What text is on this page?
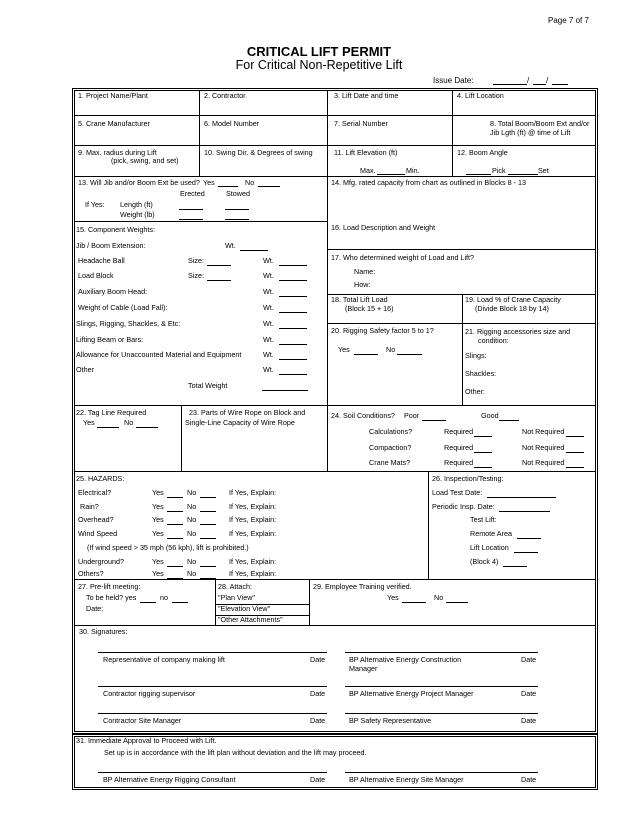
Page 7 of 7
CRITICAL LIFT PERMIT
For Critical Non-Repetitive Lift
Issue Date:	/ /
1. Project Name/Plant	2. Contractor	3. Lift Date and time	4. Lift Location
5. Crane Manufacturer	6. Model Number	7. Serial Number	8. Total Boom/Boom Ext and/or
Jib Lgth (ft) @ time of Lift
9. Max. radius during Lift
(pick, swing, and set)
10. Swing Dir. & Degrees of swing	11. Lift Elevation (ft)
Max.	Min.
12. Boom Angle
Pick	Set
13. Will Jib and/or Boom Ext be used? Yes	No
Erected	Stowed
If Yes: Length (ft)
Weight (lb)
14. Mfg. rated capacity from chart as outlined in Blocks 8 - 13
15. Component Weights:
Jib / Boom Extension:	Wt.
Headache Ball	Size:	Wt.
Load Block	Size:	Wt.
Auxiliary Boom Head:	Wt.
Weight of Cable (Load Fall):	Wt.
Slings, Rigging, Shackles, & Etc:	Wt.
Lifting Beam or Bars:	Wt.
Allowance for Unaccounted Material and Equipment	Wt.
Other	Wt.
Total Weight
16. Load Description and Weight
17. Who determined weight of Load and Lift?
Name:
How:
18. Total Lift Load
(Block 15 + 16)
19. Load % of Crane Capacity
(Divide Block 18 by 14)
20. Rigging Safety factor 5 to 1?
Yes	No
21. Rigging accessories size and
condition:
Slings:
Shackles:
Other:
22. Tag Line Required
Yes	No
23. Parts of Wire Rope on Block and
Single-Line Capacity of Wire Rope
24. Soil Conditions? Poor	Good
Calculations?	Required	Not Required
Compaction?	Required	Not Required
Crane Mats?	Required	Not Required
25. HAZARDS:
Electrical?	Yes	No	If Yes, Explain:
Rain?	Yes	No	If Yes, Explain:
Overhead?	Yes	No	If Yes, Explain:
Wind Speed	Yes	No	If Yes, Explain:
(If wind speed > 35 mph (56 kph), lift is prohibited.)
Underground?	Yes	No	If Yes, Explain:
Others?	Yes	No	If Yes, Explain:
26. Inspection/Testing:
Load Test Date:
Periodic Insp. Date:
Test Lift:
Remote Area
Lift Location
(Block 4)
27. Pre-lift meeting:
To be held? yes	no
Date:
28. Attach:
"Plan View"
"Elevation View"
"Other Attachments"
29. Employee Training verified.
Yes	No
30. Signatures:
Representative of company making lift	Date	BP Alternative Energy Construction
Manager
Date
Contractor rigging supervisor	Date	BP Alternative Energy Project Manager	Date
Contractor Site Manager	Date	BP Safety Representative	Date
31. Immediate Approval to Proceed with Lift.
Set up is in accordance with the lift plan without deviation and the lift may proceed.
BP Alternative Energy Rigging Consultant	Date	BP Alternative Energy Site Manager	Date
